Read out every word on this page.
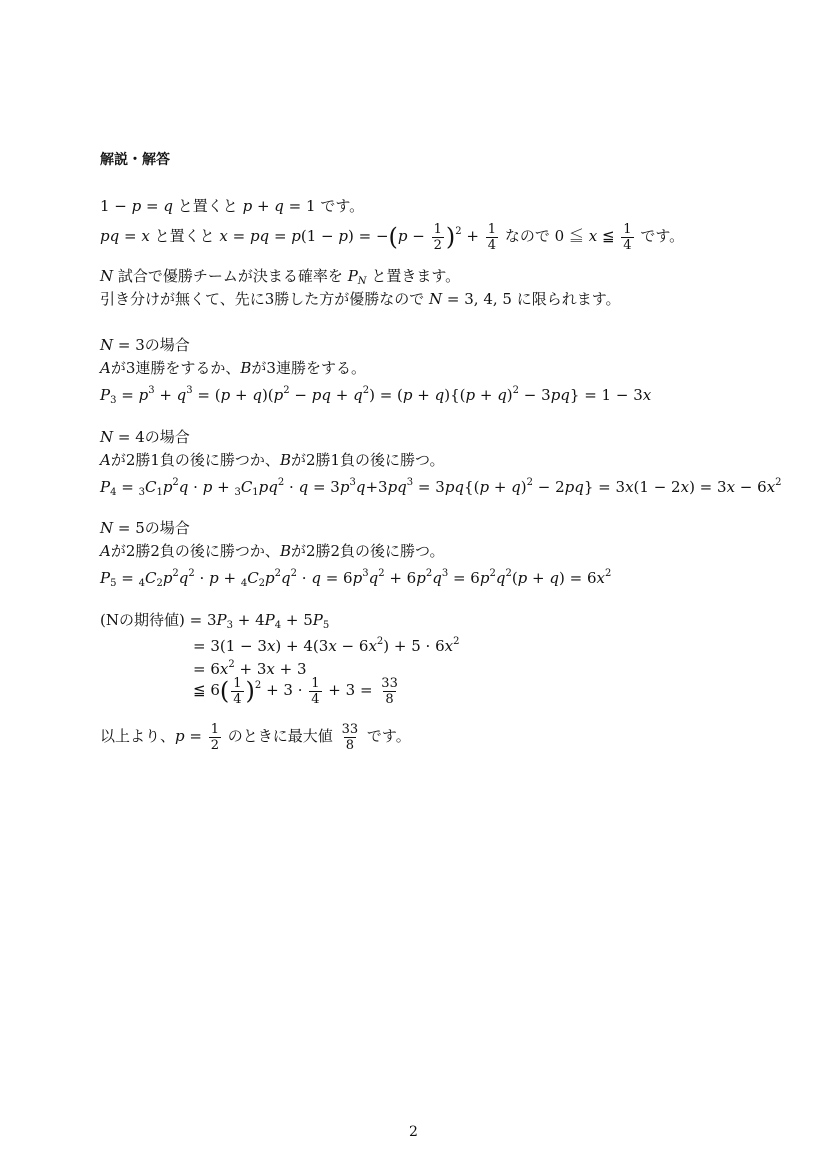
解説・解答
1 − p = q と置くと p + q = 1 です。
pq = x と置くと x = pq = $p(1 - p) = -(p - \frac{1}{2} )^2 + \frac{1}{4}$ なので 0 ≦ x ≦ $\frac{1}{4}$ です。
N 試合で優勝チームが決まる確率を $P_N$ と置きます。
引き分けが無くて、先に3勝した方が優勝なので N = 3, 4, 5 に限られます。
N = 3の場合
Aが3連勝をするか、Bが3連勝をする。
$P_3 = p^3 + q^3 = (p + q)(p^2$ − pq + $q^2) = (p + q)\{(p + q)^2 - 3pq\} = 1 - 3x$
N = 4の場合
Aが2勝1負の後に勝つか、Bが2勝1負の後に勝つ。
$P_4 = _3C_1p^2q \cdot p + _3C_1pq^2 \cdot q = 3p^3q+3pq^3 = 3pq\{(p + q)^2 - 2pq\} = 3x(1 - 2x) = 3x - 6x^2$
N = 5の場合
Aが2勝2負の後に勝つか、Bが2勝2負の後に勝つ。
$P_5 = _4C_2p^2q^2 \cdot p + _4C_2p^2q^2 \cdot q = 6p^3q^2 + 6p^2q^3 = 6p^2q^2(p + q) = 6x^2$
(Nの期待値) = $3P_3 + 4P_4 + 5P_5$
= $3(1 - 3x) + 4(3x - 6x^2) + 5 \cdot 6x^2$
= $6x^2 + 3x + 3$
≦ $6( \frac{1}{4} )^2 + 3 \cdot \frac{1}{4} + 3 = \frac{33}{8}$
以上より、$p = \frac{1}{2}$ のときに最大値 $\frac{33}{8}$ です。
2
